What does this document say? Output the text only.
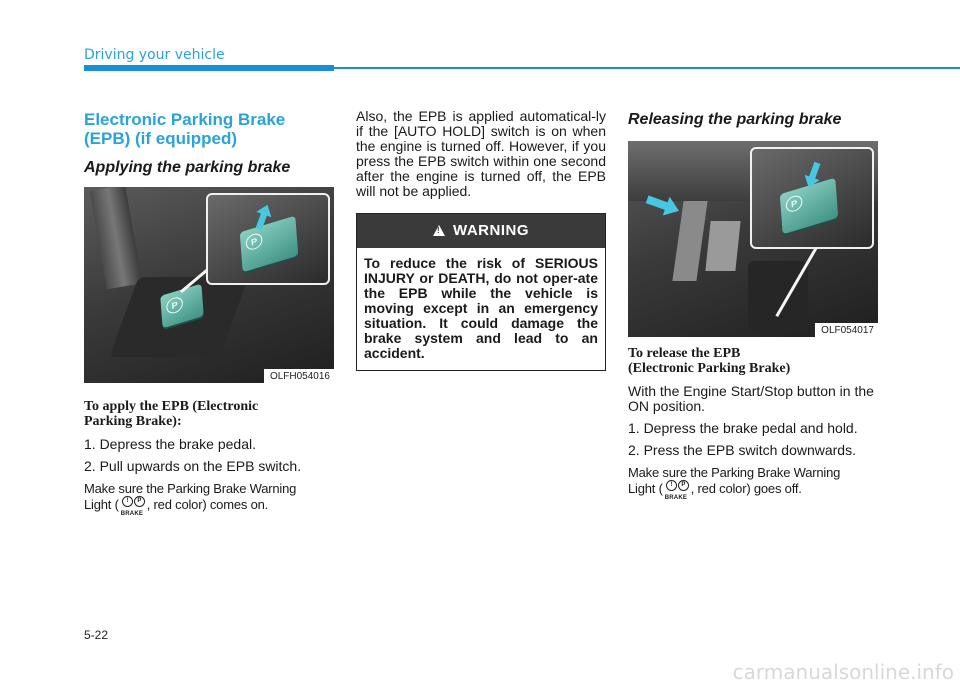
Driving your vehicle
Electronic Parking Brake
(EPB) (if equipped)
Applying the parking brake
P
P
OLFH054016
To apply the EPB (Electronic
Parking Brake):

1. Depress the brake pedal.

2. Pull upwards on the EPB switch.

Make sure the Parking Brake Warning
Light (	!	P
BRAKE
, red color) comes on.

Also, the EPB is applied automatical-ly if the [AUTO HOLD] switch is on when the engine is turned off. However, if you press the EPB switch within one second after the engine is turned off, the EPB will not be applied.

!WARNING
To reduce the risk of SERIOUS INJURY or DEATH, do not oper-ate the EPB while the vehicle is moving except in an emergency situation. It could damage the brake system and lead to an accident.
Releasing the parking brake
P
OLF054017
To release the EPB
(Electronic Parking Brake)

With the Engine Start/Stop button in the ON position.

1. Depress the brake pedal and hold.

2. Press the EPB switch downwards.

Make sure the Parking Brake Warning
Light (	!	P
BRAKE
, red color) goes off.

5-22
carmanualsonline.info
